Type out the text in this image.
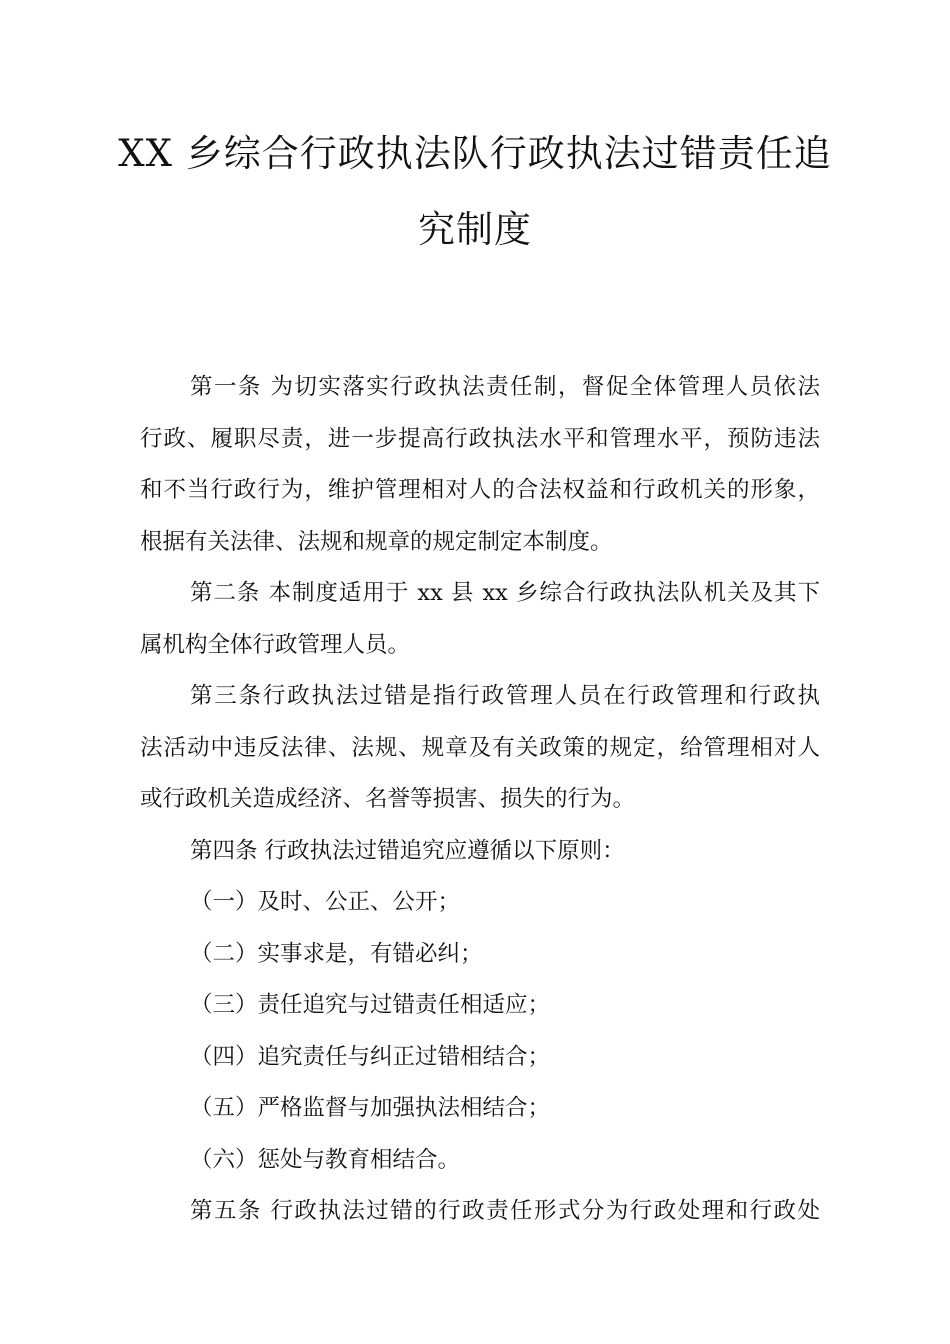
XX 乡综合行政执法队行政执法过错责任追
究制度
第一条 为切实落实行政执法责任制，督促全体管理人员依法
行政、履职尽责，进一步提高行政执法水平和管理水平，预防违法
和不当行政行为，维护管理相对人的合法权益和行政机关的形象，
根据有关法律、法规和规章的规定制定本制度。
第二条 本制度适用于 xx 县 xx 乡综合行政执法队机关及其下
属机构全体行政管理人员。
第三条行政执法过错是指行政管理人员在行政管理和行政执
法活动中违反法律、法规、规章及有关政策的规定，给管理相对人
或行政机关造成经济、名誉等损害、损失的行为。
第四条 行政执法过错追究应遵循以下原则：
（一）及时、公正、公开；
（二）实事求是，有错必纠；
（三）责任追究与过错责任相适应；
（四）追究责任与纠正过错相结合；
（五）严格监督与加强执法相结合；
（六）惩处与教育相结合。
第五条 行政执法过错的行政责任形式分为行政处理和行政处
